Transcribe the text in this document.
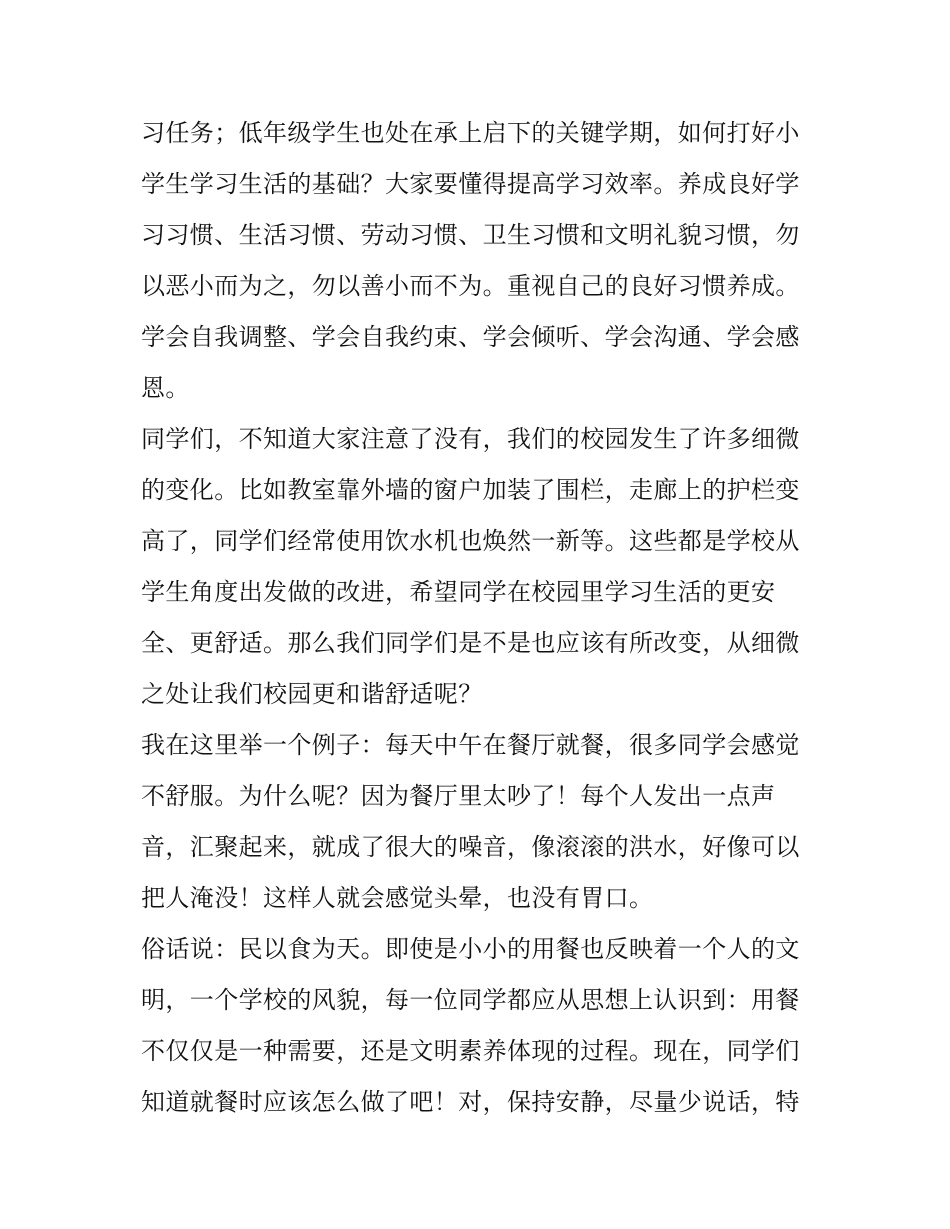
习任务；低年级学生也处在承上启下的关键学期，如何打好小
学生学习生活的基础？大家要懂得提高学习效率。养成良好学
习习惯、生活习惯、劳动习惯、卫生习惯和文明礼貌习惯，勿
以恶小而为之，勿以善小而不为。重视自己的良好习惯养成。
学会自我调整、学会自我约束、学会倾听、学会沟通、学会感
恩。
同学们，不知道大家注意了没有，我们的校园发生了许多细微
的变化。比如教室靠外墙的窗户加装了围栏，走廊上的护栏变
高了，同学们经常使用饮水机也焕然一新等。这些都是学校从
学生角度出发做的改进，希望同学在校园里学习生活的更安
全、更舒适。那么我们同学们是不是也应该有所改变，从细微
之处让我们校园更和谐舒适呢？
我在这里举一个例子：每天中午在餐厅就餐，很多同学会感觉
不舒服。为什么呢？因为餐厅里太吵了！每个人发出一点声
音，汇聚起来，就成了很大的噪音，像滚滚的洪水，好像可以
把人淹没！这样人就会感觉头晕，也没有胃口。
俗话说：民以食为天。即使是小小的用餐也反映着一个人的文
明，一个学校的风貌，每一位同学都应从思想上认识到：用餐
不仅仅是一种需要，还是文明素养体现的过程。现在，同学们
知道就餐时应该怎么做了吧！对，保持安静，尽量少说话，特
